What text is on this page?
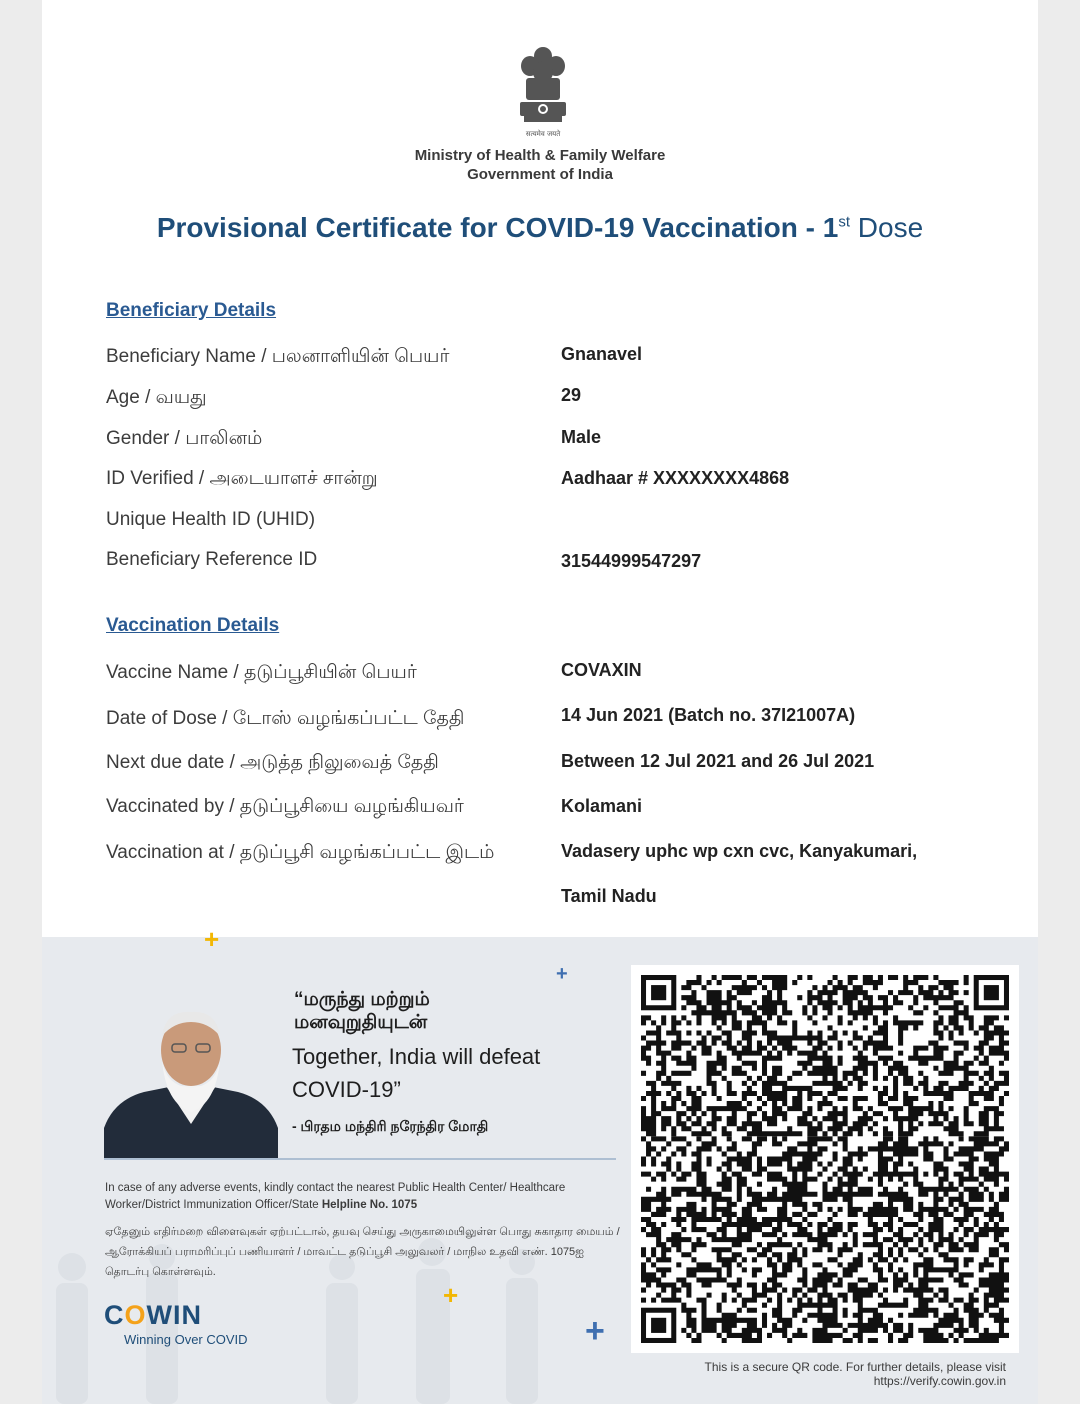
सत्यमेव जयते
Ministry of Health & Family Welfare
Government of India
Provisional Certificate for COVID-19 Vaccination - 1st Dose
Beneficiary Details
Beneficiary Name / பலனாளியின் பெயர்	Gnanavel
Age / வயது	29
Gender / பாலினம்	Male
ID Verified / அடையாளச் சான்று	Aadhaar # XXXXXXXX4868
Unique Health ID (UHID)
Beneficiary Reference ID	31544999547297
Vaccination Details
Vaccine Name / தடுப்பூசியின் பெயர்	COVAXIN
Date of Dose / டோஸ் வழங்கப்பட்ட தேதி	14 Jun 2021 (Batch no. 37I21007A)
Next due date / அடுத்த நிலுவைத் தேதி	Between 12 Jul 2021 and 26 Jul 2021
Vaccinated by / தடுப்பூசியை வழங்கியவர்	Kolamani
Vaccination at / தடுப்பூசி வழங்கப்பட்ட இடம்	Vadasery uphc wp cxn cvc, Kanyakumari,
Tamil Nadu
+
+
+
+
“மருந்து மற்றும் மனவுறுதியுடன்
Together, India will defeat COVID-19”
- பிரதம மந்திரி நரேந்திர மோதி
In case of any adverse events, kindly contact the nearest Public Health Center/ Healthcare Worker/District Immunization Officer/State Helpline No. 1075
ஏதேனும் எதிர்மறை விளைவுகள் ஏற்பட்டால், தயவு செய்து அருகாமையிலுள்ள பொது சுகாதார மையம் / ஆரோக்கியப் பராமரிப்புப் பணியாளர் / மாவட்ட தடுப்பூசி அலுவலர் / மாநில உதவி எண். 1075ஐ தொடர்பு கொள்ளவும்.
COWIN
Winning Over COVID
This is a secure QR code. For further details, please visit
https://verify.cowin.gov.in
